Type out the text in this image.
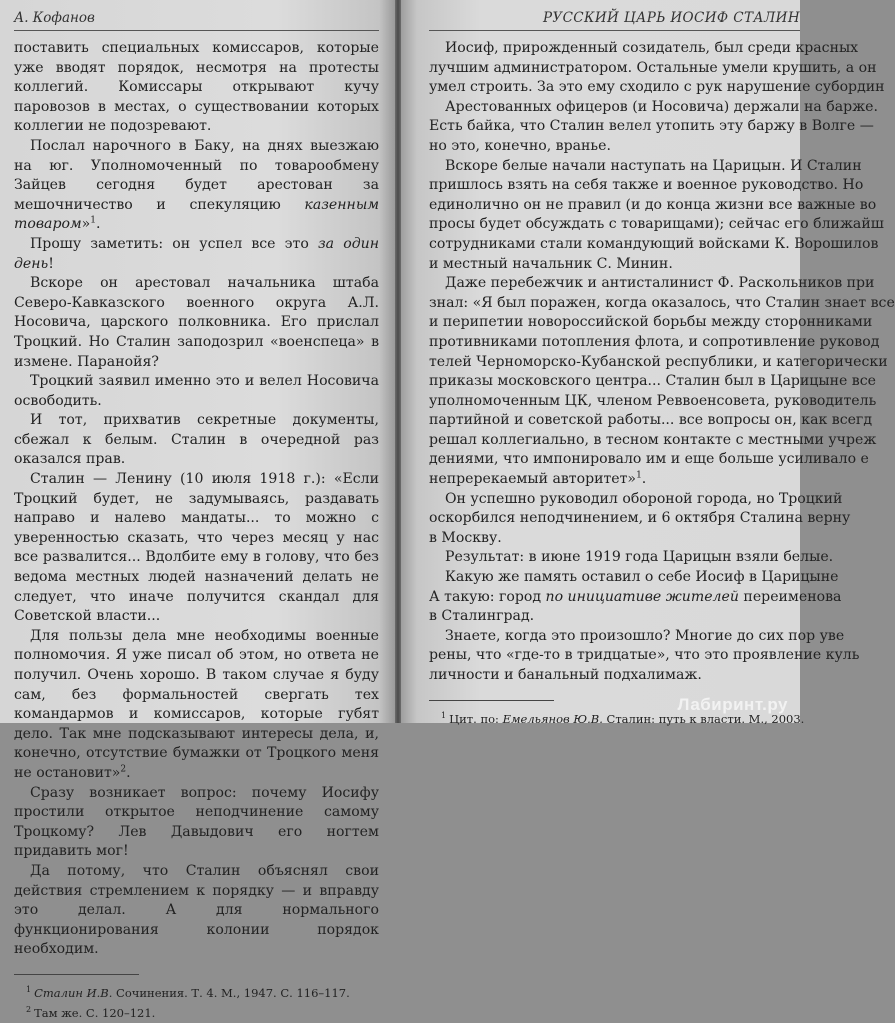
А. Кофанов

поставить специальных комиссаров, которые уже вводят порядок, несмотря на протесты коллегий. Комиссары открывают кучу паровозов в местах, о существовании которых коллегии не подозревают.

Послал нарочного в Баку, на днях выезжаю на юг. Уполномоченный по товарообмену Зайцев сегодня будет арестован за мешочничество и спекуляцию казенным товаром»$^1$.

Прошу заметить: он успел все это за один день!

Вскоре он арестовал начальника штаба Северо-Кавказского военного округа А.Л. Носовича, царского полковника. Его прислал Троцкий. Но Сталин заподозрил «военспеца» в измене. Паранойя?

Троцкий заявил именно это и велел Носовича освободить.

И тот, прихватив секретные документы, сбежал к белым. Сталин в очередной раз оказался прав.

Сталин — Ленину (10 июля 1918 г.): «Если Троцкий будет, не задумываясь, раздавать направо и налево мандаты... то можно с уверенностью сказать, что через месяц у нас все развалится... Вдолбите ему в голову, что без ведома местных людей назначений делать не следует, что иначе получится скандал для Советской власти...

Для пользы дела мне необходимы военные полномочия. Я уже писал об этом, но ответа не получил. Очень хорошо. В таком случае я буду сам, без формальностей свергать тех командармов и комиссаров, которые губят дело. Так мне подсказывают интересы дела, и, конечно, отсутствие бумажки от Троцкого меня не остановит»$^2$.

Сразу возникает вопрос: почему Иосифу простили открытое неподчинение самому Троцкому? Лев Давыдович его ногтем придавить мог!

Да потому, что Сталин объяснял свои действия стремлением к порядку — и вправду это делал. А для нормального функционирования колонии порядок необходим.

$^1$ Сталин И.В. Сочинения. Т. 4. М., 1947. С. 116–117.
$^2$ Там же. С. 120–121.
РУССКИЙ ЦАРЬ ИОСИФ СТАЛИН

Иосиф, прирожденный созидатель, был среди красных

лучшим администратором. Остальные умели крушить, а он

умел строить. За это ему сходило с рук нарушение субордин

Арестованных офицеров (и Носовича) держали на барже.

Есть байка, что Сталин велел утопить эту баржу в Волге —

но это, конечно, вранье.

Вскоре белые начали наступать на Царицын. И Сталин

пришлось взять на себя также и военное руководство. Но

единолично он не правил (и до конца жизни все важные во

просы будет обсуждать с товарищами); сейчас его ближайш

сотрудниками стали командующий войсками К. Ворошилов

и местный начальник С. Минин.

Даже перебежчик и антисталинист Ф. Раскольников при

знал: «Я был поражен, когда оказалось, что Сталин знает все

и перипетии новороссийской борьбы между сторонниками

противниками потопления флота, и сопротивление руковод

телей Черноморско-Кубанской республики, и категорически

приказы московского центра... Сталин был в Царицыне все

уполномоченным ЦК, членом Реввоенсовета, руководитель

партийной и советской работы... все вопросы он, как всегд

решал коллегиально, в тесном контакте с местными учреж

дениями, что импонировало им и еще больше усиливало е

непререкаемый авторитет»$^1$.

Он успешно руководил обороной города, но Троцкий

оскорбился неподчинением, и 6 октября Сталина верну

в Москву.

Результат: в июне 1919 года Царицын взяли белые.

Какую же память оставил о себе Иосиф в Царицыне

А такую: город по инициативе жителей переименова

в Сталинград.

Знаете, когда это произошло? Многие до сих пор уве

рены, что «где-то в тридцатые», что это проявление куль

личности и банальный подхалимаж.

$^1$ Цит. по: Емельянов Ю.В. Сталин: путь к власти. М., 2003.
Лабиринт.ру
